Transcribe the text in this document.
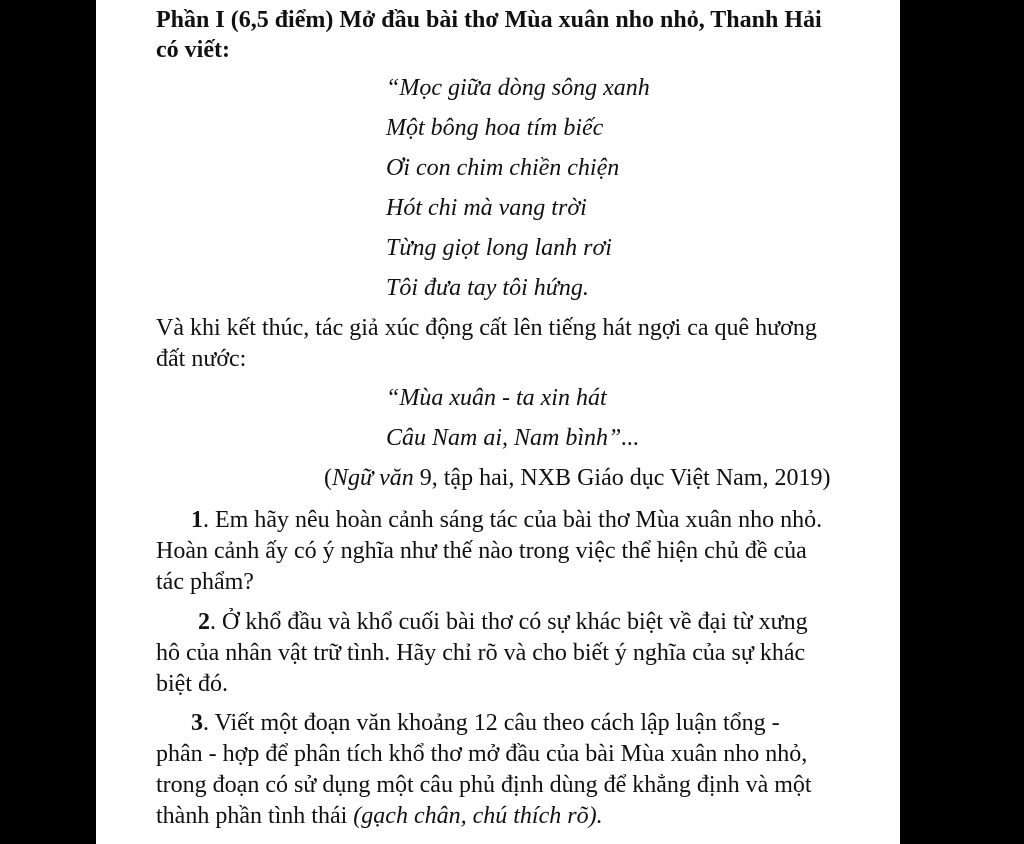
Phần I (6,5 điểm) Mở đầu bài thơ Mùa xuân nho nhỏ, Thanh Hải
có viết:
“Mọc giữa dòng sông xanh
Một bông hoa tím biếc
Ơi con chim chiền chiện
Hót chi mà vang trời
Từng giọt long lanh rơi
Tôi đưa tay tôi hứng.
Và khi kết thúc, tác giả xúc động cất lên tiếng hát ngợi ca quê hương
đất nước:
“Mùa xuân - ta xin hát
Câu Nam ai, Nam bình”...
(Ngữ văn 9, tập hai, NXB Giáo dục Việt Nam, 2019)
1. Em hãy nêu hoàn cảnh sáng tác của bài thơ Mùa xuân nho nhỏ.
Hoàn cảnh ấy có ý nghĩa như thế nào trong việc thể hiện chủ đề của
tác phẩm?
2. Ở khổ đầu và khổ cuối bài thơ có sự khác biệt về đại từ xưng
hô của nhân vật trữ tình. Hãy chỉ rõ và cho biết ý nghĩa của sự khác
biệt đó.
3. Viết một đoạn văn khoảng 12 câu theo cách lập luận tổng -
phân - hợp để phân tích khổ thơ mở đầu của bài Mùa xuân nho nhỏ,
trong đoạn có sử dụng một câu phủ định dùng để khẳng định và một
thành phần tình thái (gạch chân, chú thích rõ).
